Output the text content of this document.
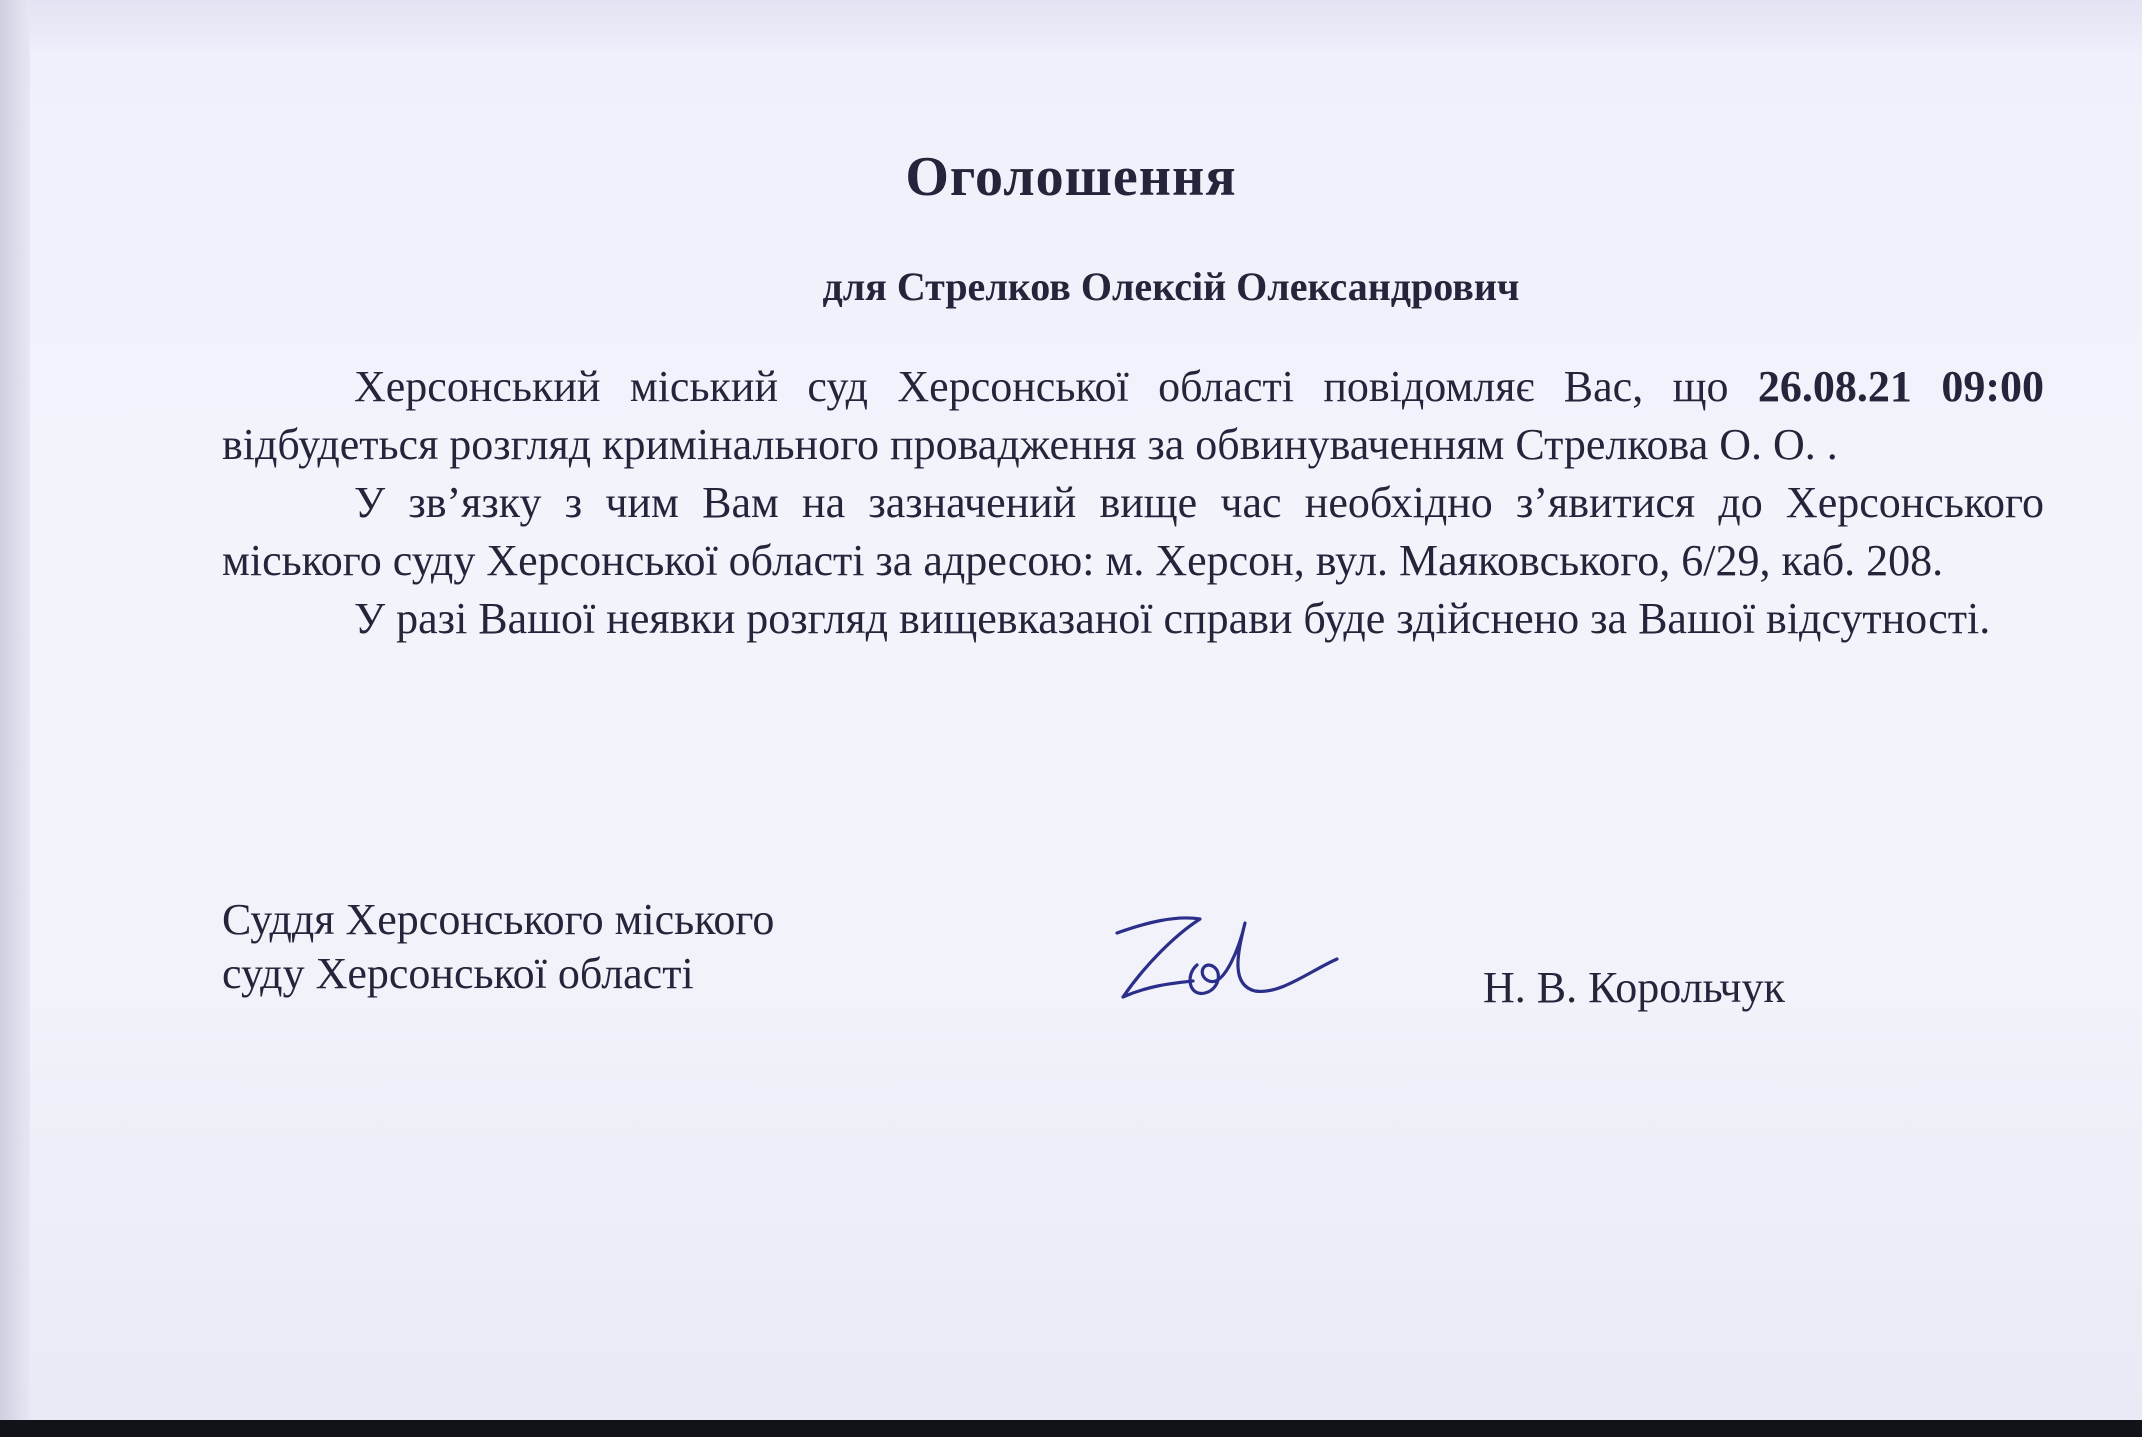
Оголошення
для Стрелков Олексій Олександрович

Херсонський міський суд Херсонської області повідомляє Вас, що 26.08.21 09:00 відбудеться розгляд кримінального провадження за обвинуваченням Стрелкова О. О. .

У зв’язку з чим Вам на зазначений вище час необхідно з’явитися до Херсонського міського суду Херсонської області за адресою: м. Херсон, вул. Маяковського, 6/29, каб. 208.

У разі Вашої неявки розгляд вищевказаної справи буде здійснено за Вашої відсутності.

Суддя Херсонського міського
суду Херсонської області	Н. В. Корольчук
